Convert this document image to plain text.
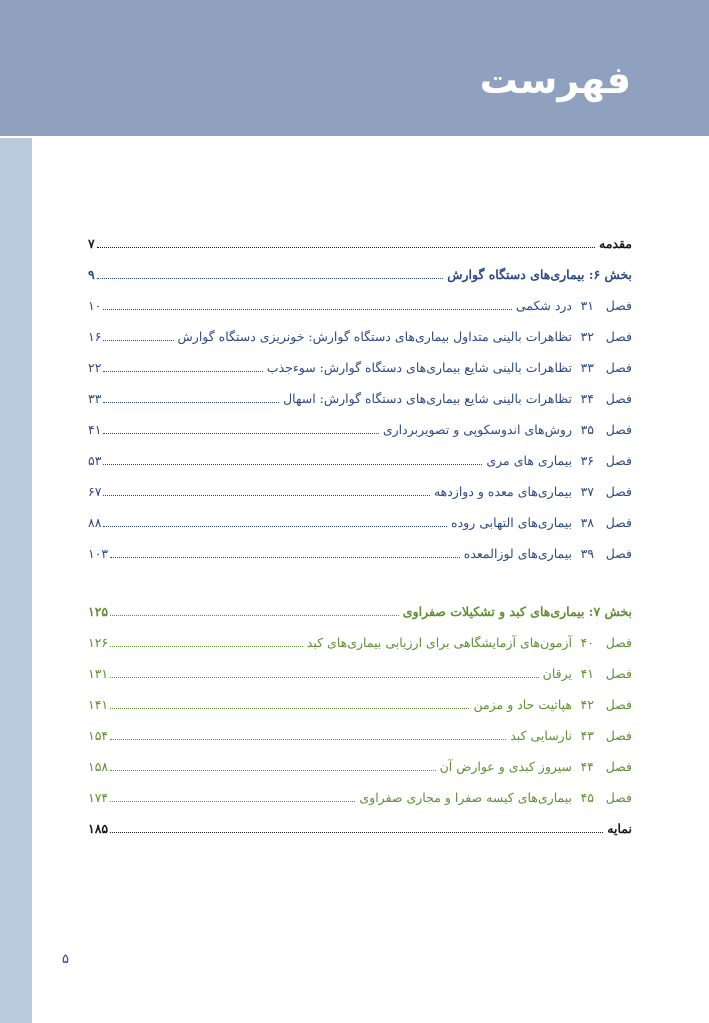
فهرست
مقدمه
۷
بخش ۶: بیماری‌های دستگاه گوارش
۹
فصل۳۱
درد شکمی
۱۰
فصل۳۲
تظاهرات بالینی متداول بیماری‌های دستگاه گوارش: خونریزی دستگاه گوارش
۱۶
فصل۳۳
تظاهرات بالینی شایع بیماری‌های دستگاه گوارش: سوءجذب
۲۲
فصل۳۴
تظاهرات بالینی شایع بیماری‌های دستگاه گوارش: اسهال
۳۳
فصل۳۵
روش‌های اندوسکوپی و تصویربرداری
۴۱
فصل۳۶
بیماری های مری
۵۳
فصل۳۷
بیماری‌های معده و دوازدهه
۶۷
فصل۳۸
بیماری‌های التهابی روده
۸۸
فصل۳۹
بیماری‌های لوزالمعده
۱۰۳
بخش ۷: بیماری‌های کبد و تشکیلات صفراوی
۱۲۵
فصل۴۰
آزمون‌های آزمایشگاهی برای ارزیابی بیماری‌های کبد
۱۲۶
فصل۴۱
یرقان
۱۳۱
فصل۴۲
هپاتیت حاد و مزمن
۱۴۱
فصل۴۳
نارسایی کبد
۱۵۴
فصل۴۴
سیروز کبدی و عوارض آن
۱۵۸
فصل۴۵
بیماری‌های کیسه صفرا و مجاری صفراوی
۱۷۴
نمایه
۱۸۵
۵
